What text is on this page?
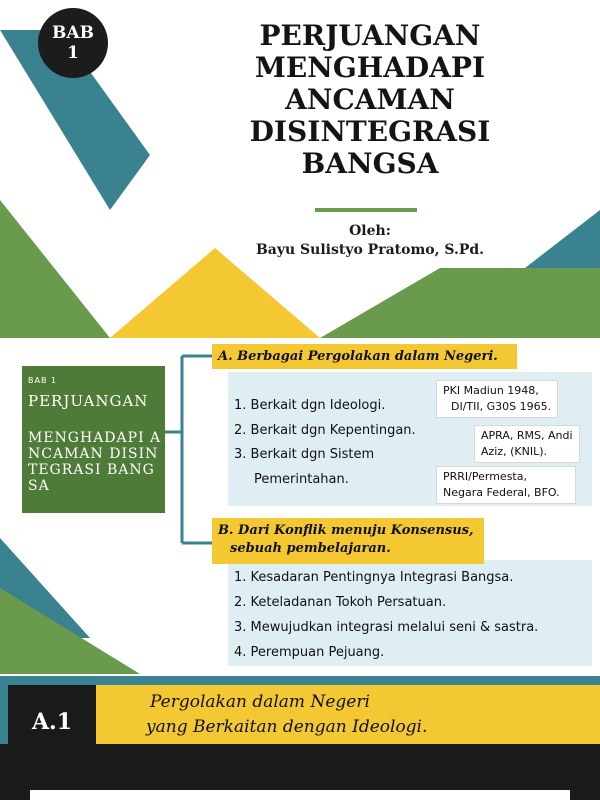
BAB
1
PERJUANGAN
MENGHADAPI
ANCAMAN
DISINTEGRASI
BANGSA
Oleh:
Bayu Sulistyo Pratomo, S.Pd.
BAB 1
PERJUANGAN
MENGHADAPI ANCAMAN DISINTEGRASI BANGSA
A. Berbagai Pergolakan dalam Negeri.
1. Berkait dgn Ideologi.
2. Berkait dgn Kepentingan.
3. Berkait dgn Sistem
Pemerintahan.
PKI Madiun 1948,
DI/TII, G30S 1965.
APRA, RMS, Andi
Aziz, (KNIL).
PRRI/Permesta,
Negara Federal, BFO.
1. Kesadaran Pentingnya Integrasi Bangsa.
2. Keteladanan Tokoh Persatuan.
3. Mewujudkan integrasi melalui seni & sastra.
4. Perempuan Pejuang.
B. Dari Konflik menuju Konsensus,
sebuah pembelajaran.
A.1
Pergolakan dalam Negeri
yang Berkaitan dengan Ideologi.
